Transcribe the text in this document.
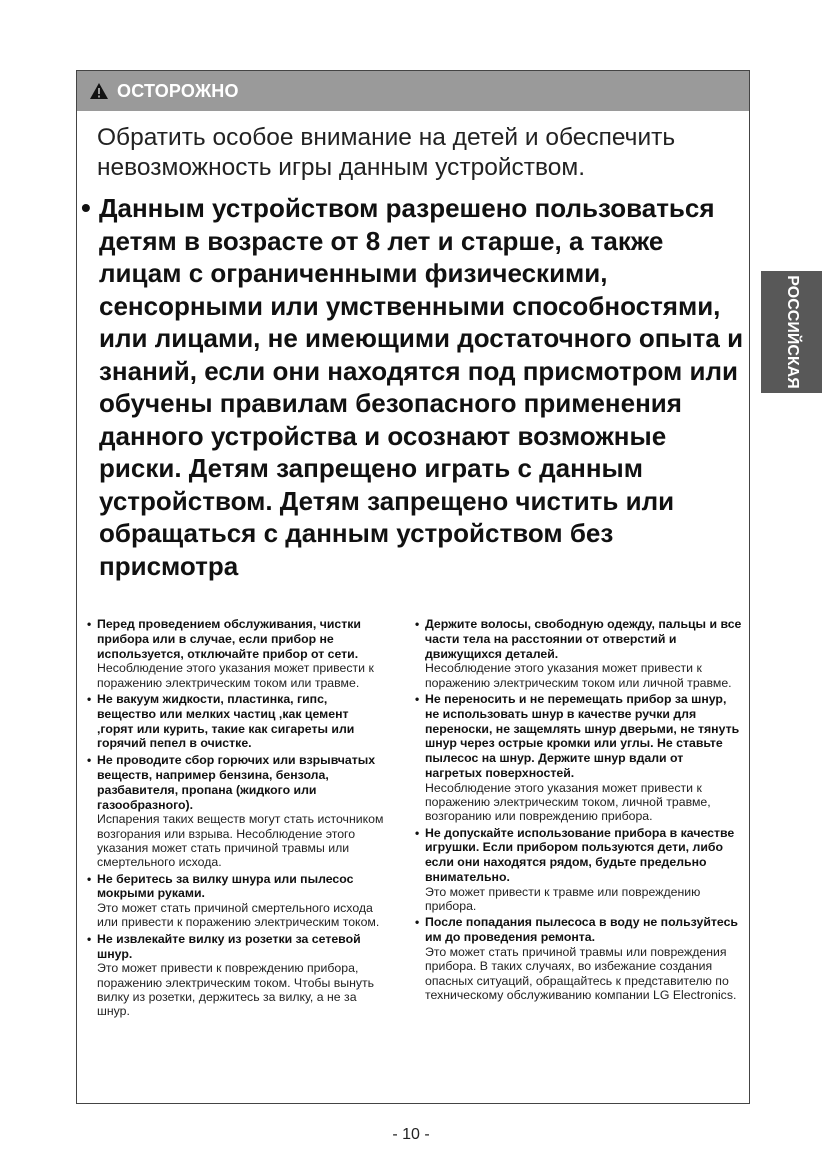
ОСТОРОЖНО
Обратить особое внимание на детей и обеспечить невозможность игры данным устройством.
• Данным устройством разрешено пользоваться детям в возрасте от 8 лет и старше, а также лицам с ограниченными физическими, сенсорными или умственными способностями, или лицами, не имеющими достаточного опыта и знаний, если они находятся под присмотром или обучены правилам безопасного применения данного устройства и осознают возможные риски. Детям запрещено играть с данным устройством. Детям запрещено чистить или обращаться с данным устройством без присмотра
• Перед проведением обслуживания, чистки прибора или в случае, если прибор не используется, отключайте прибор от сети.
Несоблюдение этого указания может привести к поражению электрическим током или травме.
• Не вакуум жидкости, пластинка, гипс, вещество или мелких частиц ,как цемент ,горят или курить, такие как сигареты или горячий пепел в очистке.
• Не проводите сбор горючих или взрывчатых веществ, например бензина, бензола, разбавителя, пропана (жидкого или газообразного).
Испарения таких веществ могут стать источником возгорания или взрыва. Несоблюдение этого указания может стать причиной травмы или смертельного исхода.
• Не беритесь за вилку шнура или пылесос мокрыми руками.
Это может стать причиной смертельного исхода или привести к поражению электрическим током.
• Не извлекайте вилку из розетки за сетевой шнур.
Это может привести к повреждению прибора, поражению электрическим током. Чтобы вынуть вилку из розетки, держитесь за вилку, а не за шнур.
• Держите волосы, свободную одежду, пальцы и все части тела на расстоянии от отверстий и движущихся деталей.
Несоблюдение этого указания может привести к поражению электрическим током или личной травме.
• Не переносить и не перемещать прибор за шнур, не использовать шнур в качестве ручки для переноски, не защемлять шнур дверьми, не тянуть шнур через острые кромки или углы. Не ставьте пылесос на шнур. Держите шнур вдали от нагретых поверхностей.
Несоблюдение этого указания может привести к поражению электрическим током, личной травме, возгоранию или повреждению прибора.
• Не допускайте использование прибора в качестве игрушки. Если прибором пользуются дети, либо если они находятся рядом, будьте предельно внимательно.
Это может привести к травме или повреждению прибора.
• После попадания пылесоса в воду не пользуйтесь им до проведения ремонта.
Это может стать причиной травмы или повреждения прибора. В таких случаях, во избежание создания опасных ситуаций, обращайтесь к представителю по техническому обслуживанию компании LG Electronics.
РОССИЙСКАЯ
- 10 -
